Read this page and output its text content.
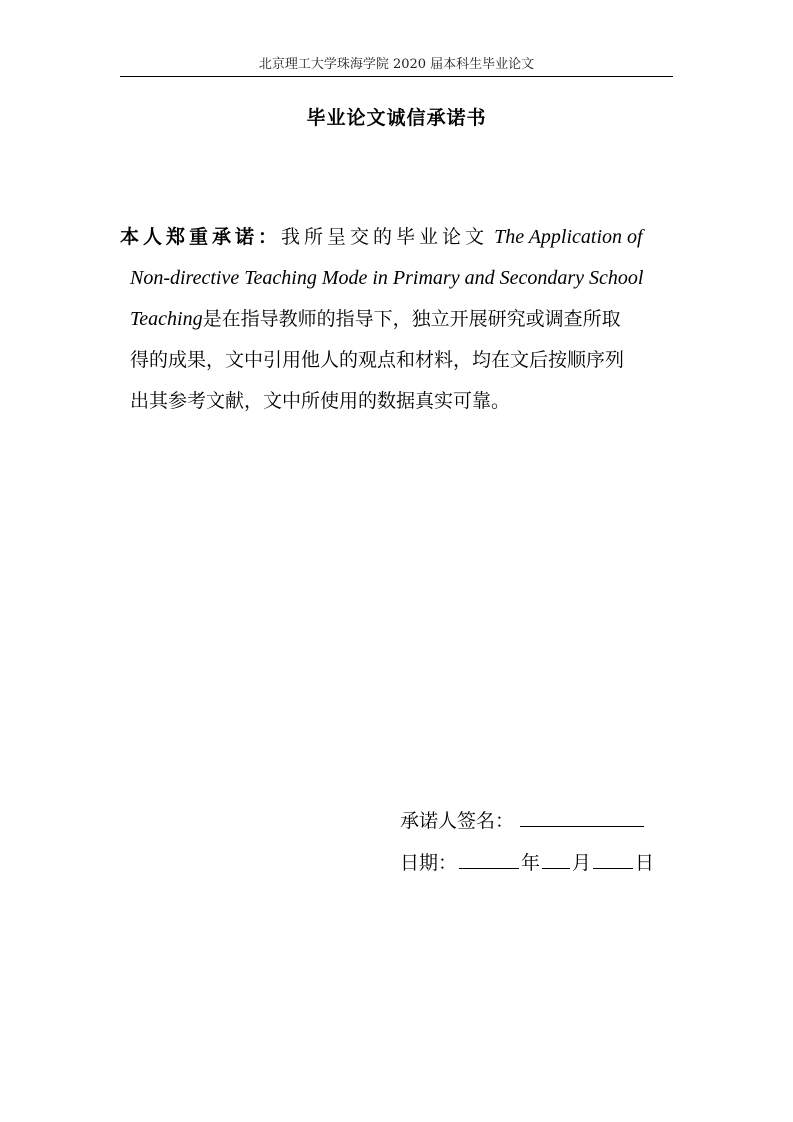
北京理工大学珠海学院 2020 届本科生毕业论文
毕业论文诚信承诺书
本人郑重承诺：我所呈交的毕业论文 The Application of
Non-directive Teaching Mode in Primary and Secondary School
Teaching是在指导教师的指导下，独立开展研究或调查所取
得的成果，文中引用他人的观点和材料，均在文后按顺序列
出其参考文献，文中所使用的数据真实可靠。
承诺人签名：
日期：	年 月 日
